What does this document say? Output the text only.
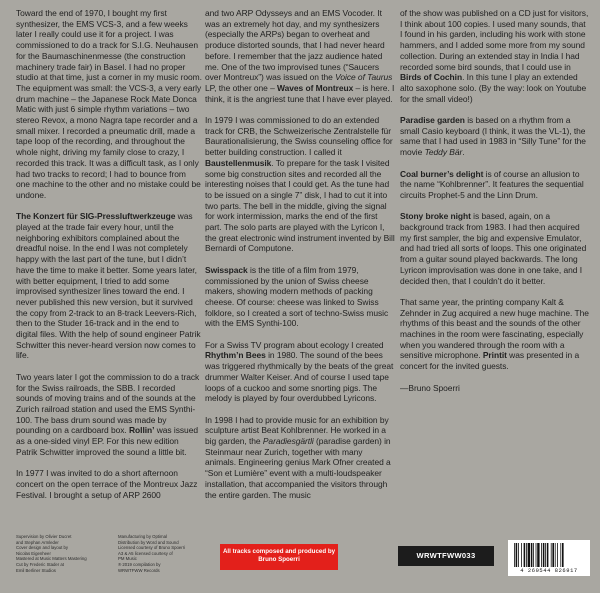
Toward the end of 1970, I bought my first synthesizer, the EMS VCS-3, and a few weeks later I really could use it for a project. I was commissioned to do a track for S.I.G. Neuhausen for the Baumaschinenmesse (the construction machinery trade fair) in Basel. I had no proper studio at that time, just a corner in my music room. The equipment was small: the VCS-3, a very early drum machine – the Japanese Rock Mate Donca Matic with just 6 simple rhythm variations – two stereo Revox, a mono Nagra tape recorder and a small mixer. I recorded a pneumatic drill, made a tape loop of the recording, and throughout the whole night, driving my family close to crazy, I recorded this track. It was a difficult task, as I only had two tracks to record; I had to bounce from one machine to the other and no mistake could be undone.

The Konzert für SIG-Pressluftwerkzeuge was played at the trade fair every hour, until the neighboring exhibitors complained about the dreadful noise. In the end I was not completely happy with the last part of the tune, but I didn’t have the time to make it better. Some years later, with better equipment, I tried to add some improvised synthesizer lines toward the end. I never published this new version, but it survived the copy from 2-track to an 8-track Leevers-Rich, then to the Studer 16-track and in the end to digital files. With the help of sound engineer Patrik Schwitter this never-heard version now comes to life.

Two years later I got the commission to do a track for the Swiss railroads, the SBB. I recorded sounds of moving trains and of the sounds at the Zurich railroad station and used the EMS Synthi-100. The bass drum sound was made by pounding on a cardboard box. Rollin’ was issued as a one-sided vinyl EP. For this new edition Patrik Schwitter improved the sound a little bit.

In 1977 I was invited to do a short afternoon concert on the open terrace of the Montreux Jazz Festival. I brought a setup of ARP 2600

and two ARP Odysseys and an EMS Vocoder. It was an extremely hot day, and my synthesizers (especially the ARPs) began to overheat and produce distorted sounds, that I had never heard before. I remember that the jazz audience hated me. One of the two improvised tunes (“Saucers over Montreux”) was issued on the Voice of Taurus LP, the other one – Waves of Montreux – is here. I think, it is the angriest tune that I have ever played.

In 1979 I was commissioned to do an extended track for CRB, the Schweizerische Zentralstelle für Baurationalisierung, the Swiss counseling office for better building construction. I called it Baustellenmusik. To prepare for the task I visited some big construction sites and recorded all the interesting noises that I could get. As the tune had to be issued on a single 7” disk, I had to cut it into two parts. The bell in the middle, giving the signal for work intermission, marks the end of the first part. The solo parts are played with the Lyricon I, the great electronic wind instrument invented by Bill Bernardi of Computone.

Swisspack is the title of a film from 1979, commissioned by the union of Swiss cheese makers, showing modern methods of packing cheese. Of course: cheese was linked to Swiss folklore, so I created a sort of techno-Swiss music with the EMS Synthi-100.

For a Swiss TV program about ecology I created Rhythm’n Bees in 1980. The sound of the bees was triggered rhythmically by the beats of the great drummer Walter Keiser. And of course I used tape loops of a cuckoo and some snorting pigs. The melody is played by four overdubbed Lyricons.

In 1998 I had to provide music for an exhibition by sculpture artist Beat Kohlbrenner. He worked in a big garden, the Paradiesgärtli (paradise garden) in Steinmaur near Zurich, together with many animals. Engineering genius Mark Ofner created a “Son et Lumière” event with a multi-loudspeaker installation, that accompanied the visitors through the entire garden. The music

of the show was published on a CD just for visitors, I think about 100 copies. I used many sounds, that I found in his garden, including his work with stone hammers, and I added some more from my sound collection. During an extended stay in India I had recorded some bird sounds, that I could use in Birds of Cochin. In this tune I play an extended alto saxophone solo. (By the way: look on Youtube for the small video!)

Paradise garden is based on a rhythm from a small Casio keyboard (I think, it was the VL-1), the same that I had used in 1983 in “Silly Tune” for the movie Teddy Bär.

Coal burner’s delight is of course an allusion to the name “Kohlbrenner”. It features the sequential circuits Prophet-5 and the Linn Drum.

Stony broke night is based, again, on a background track from 1983. I had then acquired my first sampler, the big and expensive Emulator, and had tried all sorts of loops. This one originated from a guitar sound played backwards. The long Lyricon improvisation was done in one take, and I decided then, that I couldn’t do it better.

That same year, the printing company Kalt & Zehnder in Zug acquired a new huge machine. The rhythms of this beast and the sounds of the other machines in the room were fascinating, especially when you wandered through the room with a sensitive microphone. Printit was presented in a concert for the invited guests.

—Bruno Spoerri

Supervision by Olivier Ducret
and Stephan Armleder
Cover design and layout by
Nicolas Eigenheer
Mastered at Music Matters Mastering
Cut by Frederic Stader at
Emil Berliner Studios
Manufacturing by Optimal
Distribution by Word and Sound
Licensed courtesy of Bruno Spoerri
A3 & A5 licensed courtesy of
PM Music
℗ 2019 compilation by
WRWTFWW Records
All tracks composed and produced by
Bruno Spoerri	WRWTFWW033
4 260544 826917
